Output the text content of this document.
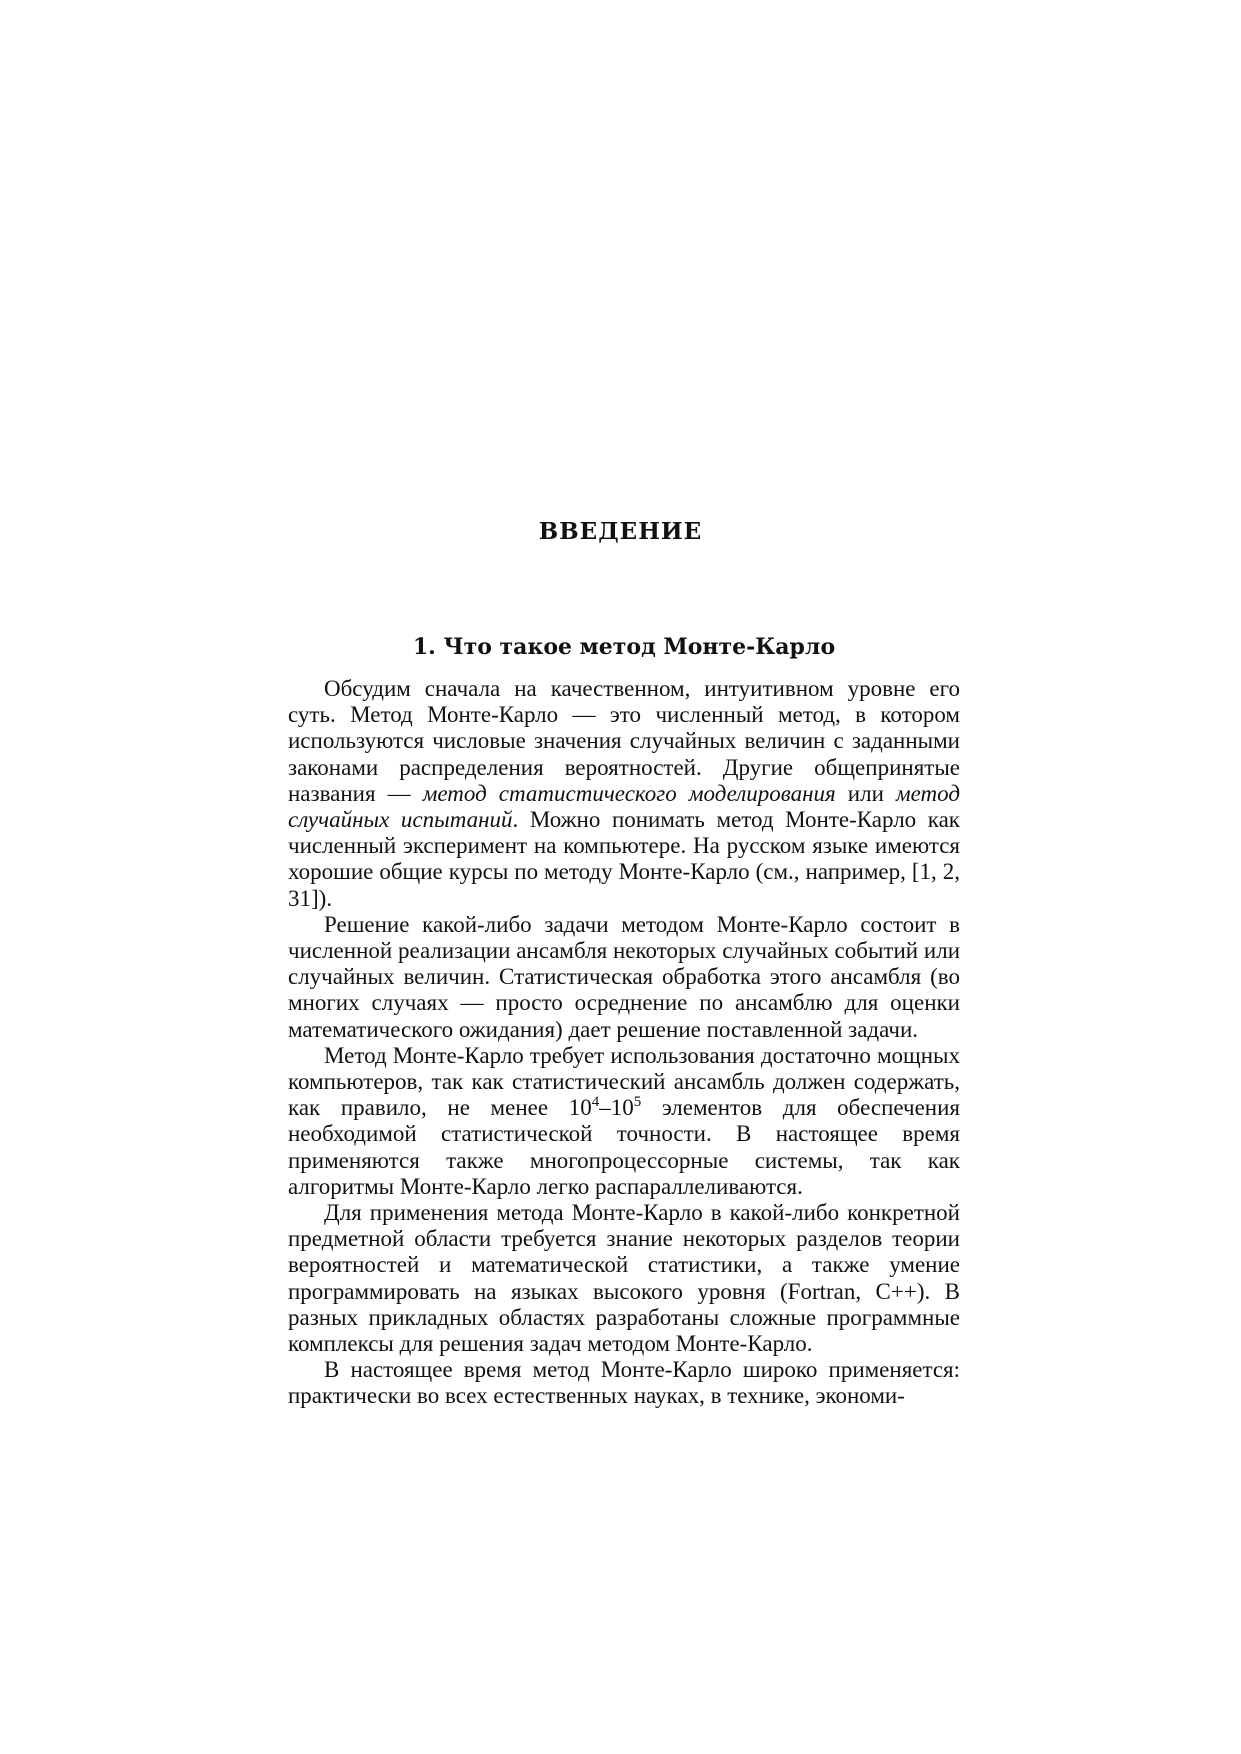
ВВЕДЕНИЕ
1. Что такое метод Монте-Карло

Обсудим сначала на качественном, интуитивном уровне его суть. Метод Монте-Карло — это численный метод, в котором используются числовые значения случайных величин с заданными законами распределения вероятностей. Другие общепринятые названия — метод статистического моделирования или метод случайных испытаний. Можно понимать метод Монте-Карло как численный эксперимент на компьютере. На русском языке имеются хорошие общие курсы по методу Монте-Карло (см., например, [1, 2, 31]).

Решение какой-либо задачи методом Монте-Карло состоит в численной реализации ансамбля некоторых случайных событий или случайных величин. Статистическая обработка этого ансамбля (во многих случаях — просто осреднение по ансамблю для оценки математического ожидания) дает решение поставленной задачи.

Метод Монте-Карло требует использования достаточно мощных компьютеров, так как статистический ансамбль должен содержать, как правило, не менее $10^4-10^5$ элементов для обеспечения необходимой статистической точности. В настоящее время применяются также многопроцессорные системы, так как алгоритмы Монте-Карло легко распараллеливаются.

Для применения метода Монте-Карло в какой-либо конкретной предметной области требуется знание некоторых разделов теории вероятностей и математической статистики, а также умение программировать на языках высокого уровня (Fortran, C++). В разных прикладных областях разработаны сложные программные комплексы для решения задач методом Монте-Карло.

В настоящее время метод Монте-Карло широко применяется: практически во всех естественных науках, в технике, экономи-
